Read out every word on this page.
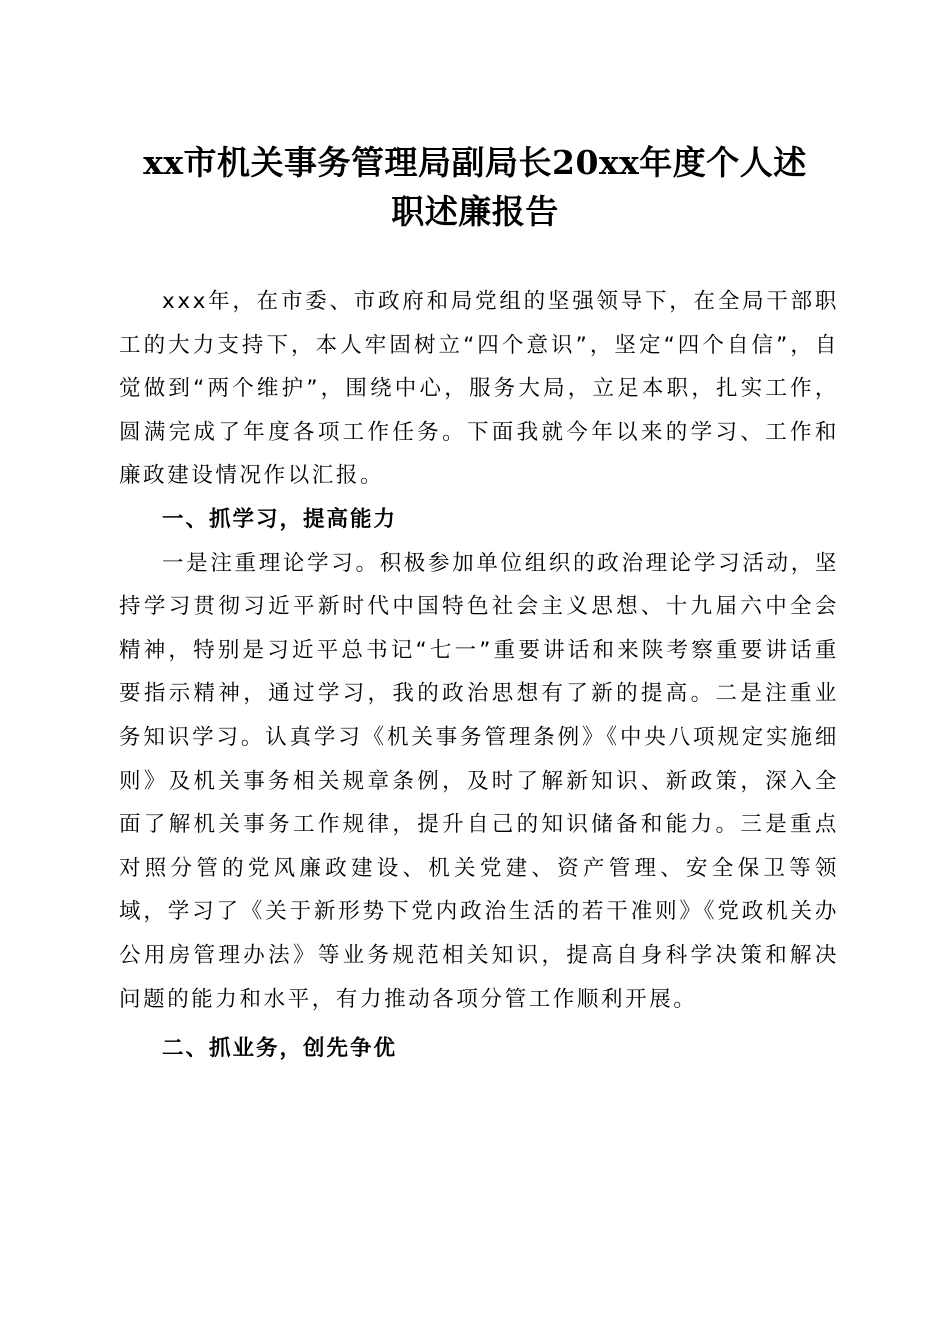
xx市机关事务管理局副局长20xx年度个人述
职述廉报告

xxx年，在市委、市政府和局党组的坚强领导下，在全局干部职工的大力支持下，本人牢固树立“四个意识”，坚定“四个自信”，自觉做到“两个维护”，围绕中心，服务大局，立足本职，扎实工作，圆满完成了年度各项工作任务。下面我就今年以来的学习、工作和廉政建设情况作以汇报。

一、抓学习，提高能力

一是注重理论学习。积极参加单位组织的政治理论学习活动，坚持学习贯彻习近平新时代中国特色社会主义思想、十九届六中全会精神，特别是习近平总书记“七一”重要讲话和来陕考察重要讲话重要指示精神，通过学习，我的政治思想有了新的提高。二是注重业务知识学习。认真学习《机关事务管理条例》《中央八项规定实施细则》及机关事务相关规章条例，及时了解新知识、新政策，深入全面了解机关事务工作规律，提升自己的知识储备和能力。三是重点对照分管的党风廉政建设、机关党建、资产管理、安全保卫等领域，学习了《关于新形势下党内政治生活的若干准则》《党政机关办公用房管理办法》等业务规范相关知识，提高自身科学决策和解决问题的能力和水平，有力推动各项分管工作顺利开展。

二、抓业务，创先争优
